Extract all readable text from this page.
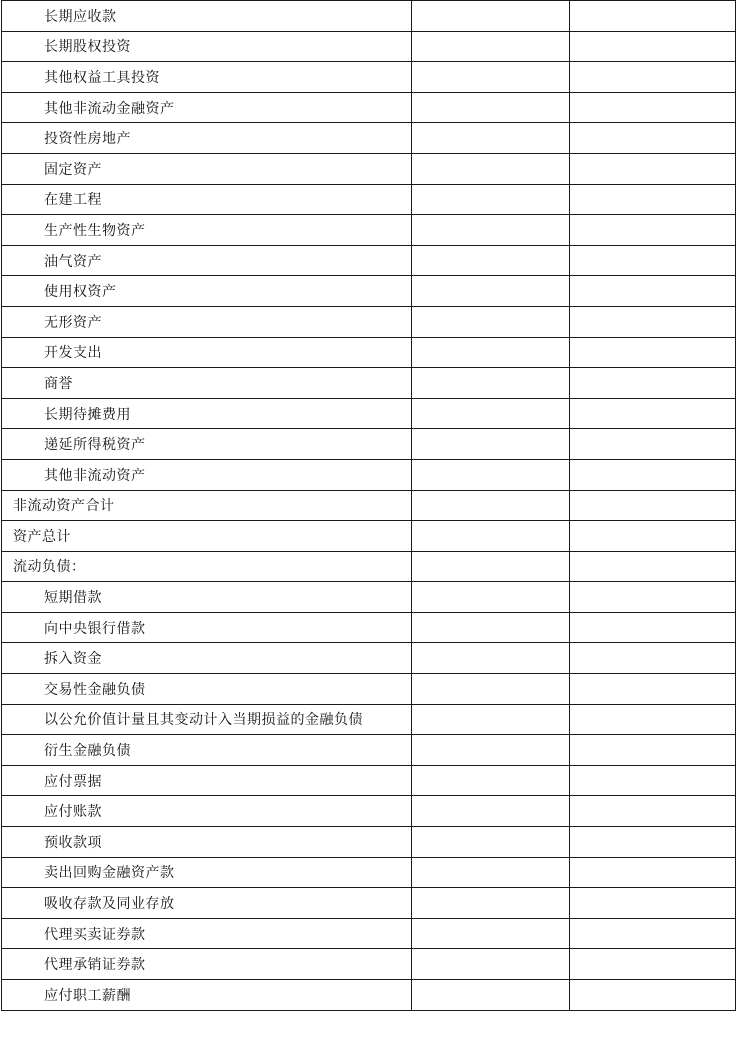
长期应收款		

长期股权投资		

其他权益工具投资		

其他非流动金融资产		

投资性房地产		

固定资产		

在建工程		

生产性生物资产		

油气资产		

使用权资产		

无形资产		

开发支出		

商誉		

长期待摊费用		

递延所得税资产		

其他非流动资产		

非流动资产合计		

资产总计		

流动负债：		

短期借款		

向中央银行借款		

拆入资金		

交易性金融负债		

以公允价值计量且其变动计入当期损益的金融负债		

衍生金融负债		

应付票据		

应付账款		

预收款项		

卖出回购金融资产款		

吸收存款及同业存放		

代理买卖证券款		

代理承销证券款		

应付职工薪酬		
